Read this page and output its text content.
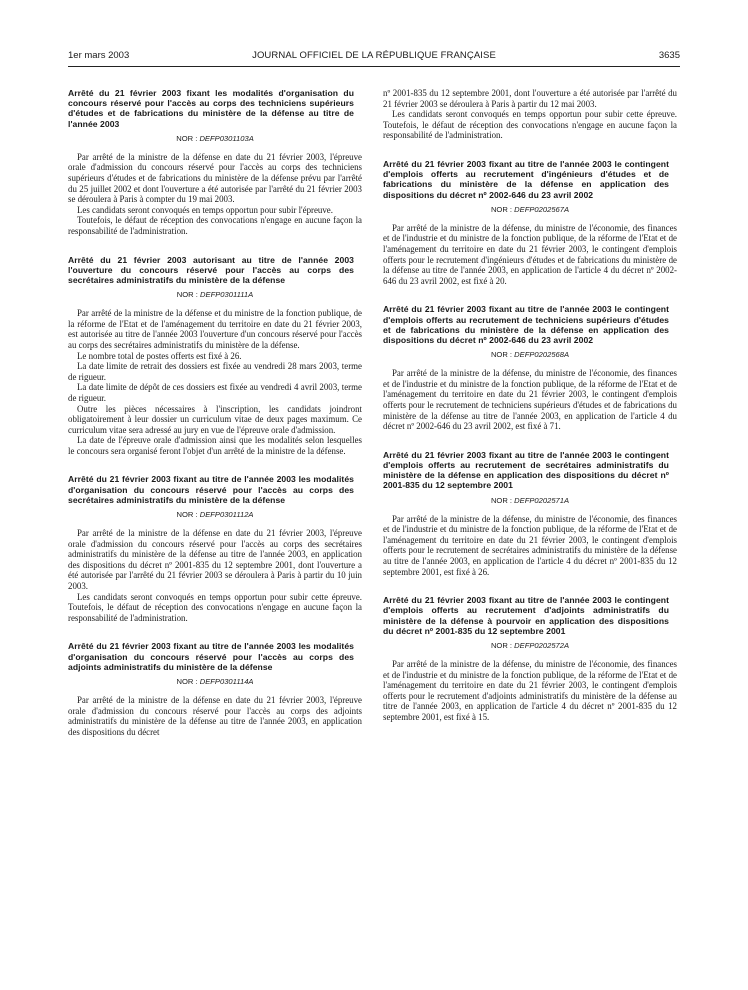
1er mars 2003	JOURNAL OFFICIEL DE LA RÉPUBLIQUE FRANÇAISE	3635

Arrêté du 21 février 2003 fixant les modalités d'organisation du concours réservé pour l'accès au corps des techniciens supérieurs d'études et de fabrications du ministère de la défense au titre de l'année 2003

NOR : DEFP0301103A

Par arrêté de la ministre de la défense en date du 21 février 2003, l'épreuve orale d'admission du concours réservé pour l'accès au corps des techniciens supérieurs d'études et de fabrications du ministère de la défense prévu par l'arrêté du 25 juillet 2002 et dont l'ouverture a été autorisée par l'arrêté du 21 février 2003 se déroulera à Paris à compter du 19 mai 2003.

Les candidats seront convoqués en temps opportun pour subir l'épreuve.

Toutefois, le défaut de réception des convocations n'engage en aucune façon la responsabilité de l'administration.

Arrêté du 21 février 2003 autorisant au titre de l'année 2003 l'ouverture du concours réservé pour l'accès au corps des secrétaires administratifs du ministère de la défense

NOR : DEFP0301111A

Par arrêté de la ministre de la défense et du ministre de la fonction publique, de la réforme de l'Etat et de l'aménagement du territoire en date du 21 février 2003, est autorisée au titre de l'année 2003 l'ouverture d'un concours réservé pour l'accès au corps des secrétaires administratifs du ministère de la défense.

Le nombre total de postes offerts est fixé à 26.

La date limite de retrait des dossiers est fixée au vendredi 28 mars 2003, terme de rigueur.

La date limite de dépôt de ces dossiers est fixée au vendredi 4 avril 2003, terme de rigueur.

Outre les pièces nécessaires à l'inscription, les candidats joindront obligatoirement à leur dossier un curriculum vitae de deux pages maximum. Ce curriculum vitae sera adressé au jury en vue de l'épreuve orale d'admission.

La date de l'épreuve orale d'admission ainsi que les modalités selon lesquelles le concours sera organisé feront l'objet d'un arrêté de la ministre de la défense.

Arrêté du 21 février 2003 fixant au titre de l'année 2003 les modalités d'organisation du concours réservé pour l'accès au corps des secrétaires administratifs du ministère de la défense

NOR : DEFP0301112A

Par arrêté de la ministre de la défense en date du 21 février 2003, l'épreuve orale d'admission du concours réservé pour l'accès au corps des secrétaires administratifs du ministère de la défense au titre de l'année 2003, en application des dispositions du décret nº 2001-835 du 12 septembre 2001, dont l'ouverture a été autorisée par l'arrêté du 21 février 2003 se déroulera à Paris à partir du 10 juin 2003.

Les candidats seront convoqués en temps opportun pour subir cette épreuve. Toutefois, le défaut de réception des convocations n'engage en aucune façon la responsabilité de l'administration.

Arrêté du 21 février 2003 fixant au titre de l'année 2003 les modalités d'organisation du concours réservé pour l'accès au corps des adjoints administratifs du ministère de la défense

NOR : DEFP0301114A

Par arrêté de la ministre de la défense en date du 21 février 2003, l'épreuve orale d'admission du concours réservé pour l'accès au corps des adjoints administratifs du ministère de la défense au titre de l'année 2003, en application des dispositions du décret

nº 2001-835 du 12 septembre 2001, dont l'ouverture a été autorisée par l'arrêté du 21 février 2003 se déroulera à Paris à partir du 12 mai 2003.

Les candidats seront convoqués en temps opportun pour subir cette épreuve. Toutefois, le défaut de réception des convocations n'engage en aucune façon la responsabilité de l'administration.

Arrêté du 21 février 2003 fixant au titre de l'année 2003 le contingent d'emplois offerts au recrutement d'ingénieurs d'études et de fabrications du ministère de la défense en application des dispositions du décret nº 2002-646 du 23 avril 2002

NOR : DEFP0202567A

Par arrêté de la ministre de la défense, du ministre de l'économie, des finances et de l'industrie et du ministre de la fonction publique, de la réforme de l'Etat et de l'aménagement du territoire en date du 21 février 2003, le contingent d'emplois offerts pour le recrutement d'ingénieurs d'études et de fabrications du ministère de la défense au titre de l'année 2003, en application de l'article 4 du décret nº 2002-646 du 23 avril 2002, est fixé à 20.

Arrêté du 21 février 2003 fixant au titre de l'année 2003 le contingent d'emplois offerts au recrutement de techniciens supérieurs d'études et de fabrications du ministère de la défense en application des dispositions du décret nº 2002-646 du 23 avril 2002

NOR : DEFP0202568A

Par arrêté de la ministre de la défense, du ministre de l'économie, des finances et de l'industrie et du ministre de la fonction publique, de la réforme de l'Etat et de l'aménagement du territoire en date du 21 février 2003, le contingent d'emplois offerts pour le recrutement de techniciens supérieurs d'études et de fabrications du ministère de la défense au titre de l'année 2003, en application de l'article 4 du décret nº 2002-646 du 23 avril 2002, est fixé à 71.

Arrêté du 21 février 2003 fixant au titre de l'année 2003 le contingent d'emplois offerts au recrutement de secrétaires administratifs du ministère de la défense en application des dispositions du décret nº 2001-835 du 12 septembre 2001

NOR : DEFP0202571A

Par arrêté de la ministre de la défense, du ministre de l'économie, des finances et de l'industrie et du ministre de la fonction publique, de la réforme de l'Etat et de l'aménagement du territoire en date du 21 février 2003, le contingent d'emplois offerts pour le recrutement de secrétaires administratifs du ministère de la défense au titre de l'année 2003, en application de l'article 4 du décret nº 2001-835 du 12 septembre 2001, est fixé à 26.

Arrêté du 21 février 2003 fixant au titre de l'année 2003 le contingent d'emplois offerts au recrutement d'adjoints administratifs du ministère de la défense à pourvoir en application des dispositions du décret nº 2001-835 du 12 septembre 2001

NOR : DEFP0202572A

Par arrêté de la ministre de la défense, du ministre de l'économie, des finances et de l'industrie et du ministre de la fonction publique, de la réforme de l'Etat et de l'aménagement du territoire en date du 21 février 2003, le contingent d'emplois offerts pour le recrutement d'adjoints administratifs du ministère de la défense au titre de l'année 2003, en application de l'article 4 du décret nº 2001-835 du 12 septembre 2001, est fixé à 15.
